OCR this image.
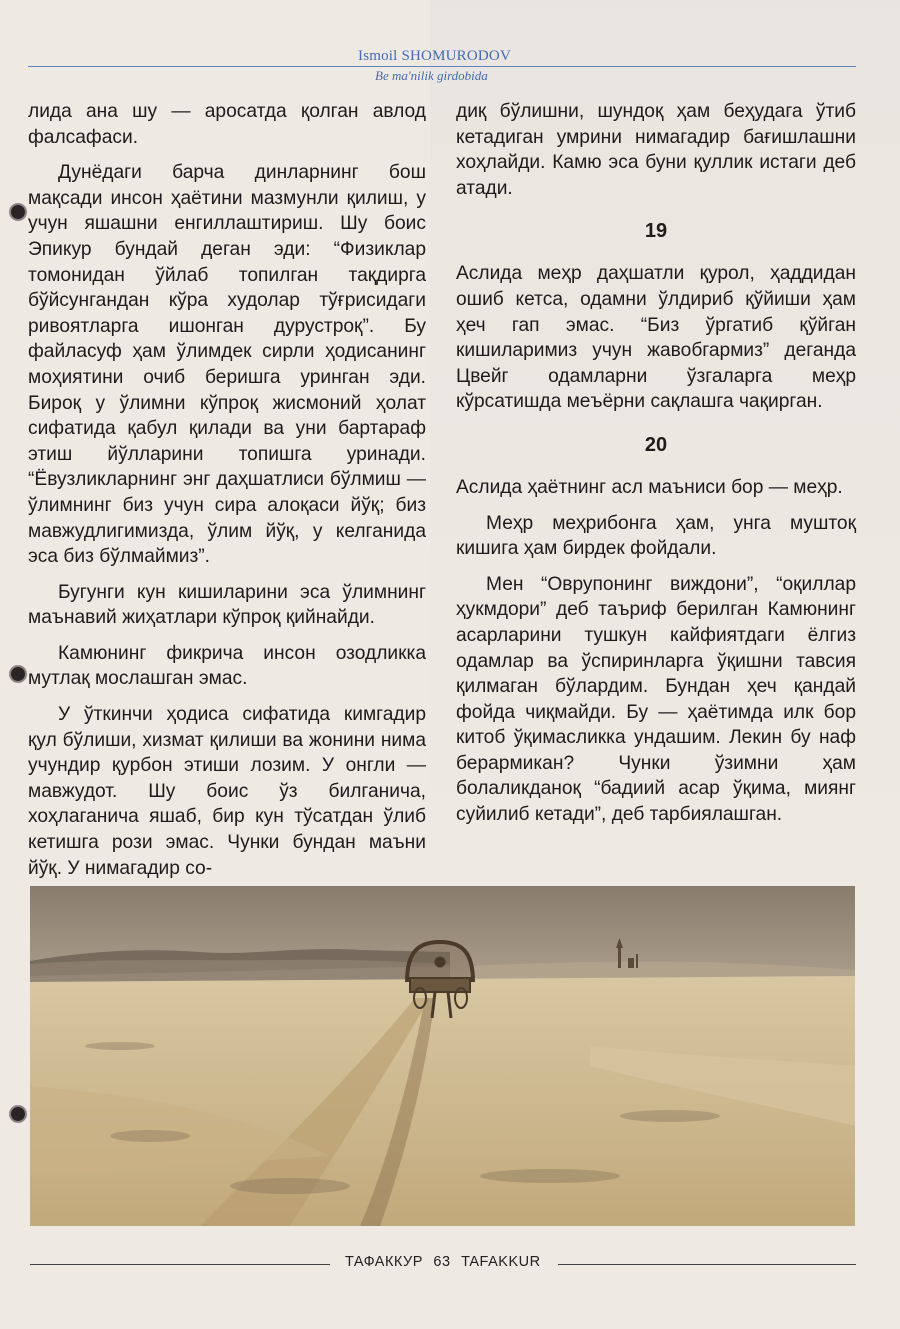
Ismoil SHOMURODOV
Be ma'nilik girdobida

лида ана шу — аросатда қолган авлод фалсафаси.

Дунёдаги барча динларнинг бош мақсади инсон ҳаётини мазмунли қилиш, у учун яшашни енгиллаштириш. Шу боис Эпикур бундай деган эди: “Физиклар томонидан ўйлаб топилган тақдирга бўйсунгандан кўра худолар тўғрисидаги ривоятларга ишонган дурустроқ”. Бу файласуф ҳам ўлимдек сирли ҳодисанинг моҳиятини очиб беришга уринган эди. Бироқ у ўлимни кўпроқ жисмоний ҳолат сифатида қабул қилади ва уни бартараф этиш йўлларини топишга уринади. “Ёвузликларнинг энг даҳшатлиси бўлмиш — ўлимнинг биз учун сира алоқаси йўқ; биз мавжудлигимизда, ўлим йўқ, у келганида эса биз бўлмаймиз”.

Бугунги кун кишиларини эса ўлимнинг маънавий жиҳатлари кўпроқ қийнайди.

Камюнинг фикрича инсон озодликка мутлақ мослашган эмас.

У ўткинчи ҳодиса сифатида кимгадир қул бўлиши, хизмат қилиши ва жонини нима учундир қурбон этиши лозим. У онгли — мавжудот. Шу боис ўз билганича, хоҳлаганича яшаб, бир кун тўсатдан ўлиб кетишга рози эмас. Чунки бундан маъни йўқ. У нимагадир со-

диқ бўлишни, шундоқ ҳам беҳудага ўтиб кетадиган умрини нимагадир бағишлашни хоҳлайди. Камю эса буни қуллик истаги деб атади.

19

Аслида меҳр даҳшатли қурол, ҳаддидан ошиб кетса, одамни ўлдириб қўйиши ҳам ҳеч гап эмас. “Биз ўргатиб қўйган кишиларимиз учун жавобгармиз” деганда Цвейг одамларни ўзгаларга меҳр кўрсатишда меъёрни сақлашга чақирган.

20

Аслида ҳаётнинг асл маъниси бор — меҳр.

Меҳр меҳрибонга ҳам, унга муштоқ кишига ҳам бирдек фойдали.

Мен “Оврупонинг виждони”, “оқиллар ҳукмдори” деб таъриф берилган Камюнинг асарларини тушкун кайфиятдаги ёлгиз одамлар ва ўспиринларга ўқишни тавсия қилмаган бўлардим. Бундан ҳеч қандай фойда чиқмайди. Бу — ҳаётимда илк бор китоб ўқимасликка ундашим. Лекин бу наф берармикан? Чунки ўзимни ҳам болаликданоқ “бадиий асар ўқима, миянг суйилиб кетади”, деб тарбиялашган.

ТАФАККУР 63 TAFAKKUR
